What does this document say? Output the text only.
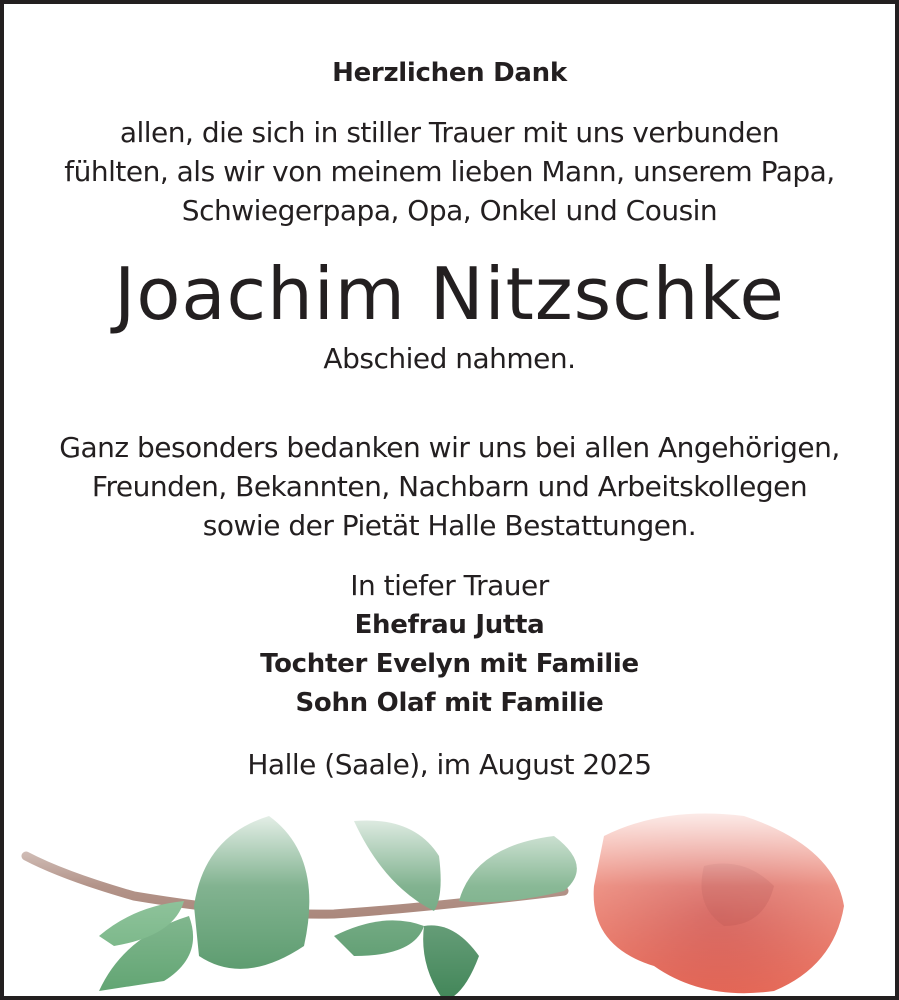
Herzlichen Dank
allen, die sich in stiller Trauer mit uns verbunden
fühlten, als wir von meinem lieben Mann, unserem Papa,
Schwiegerpapa, Opa, Onkel und Cousin
Joachim Nitzschke
Abschied nahmen.
Ganz besonders bedanken wir uns bei allen Angehörigen,
Freunden, Bekannten, Nachbarn und Arbeitskollegen
sowie der Pietät Halle Bestattungen.
In tiefer Trauer
Ehefrau Jutta
Tochter Evelyn mit Familie
Sohn Olaf mit Familie
Halle (Saale), im August 2025
